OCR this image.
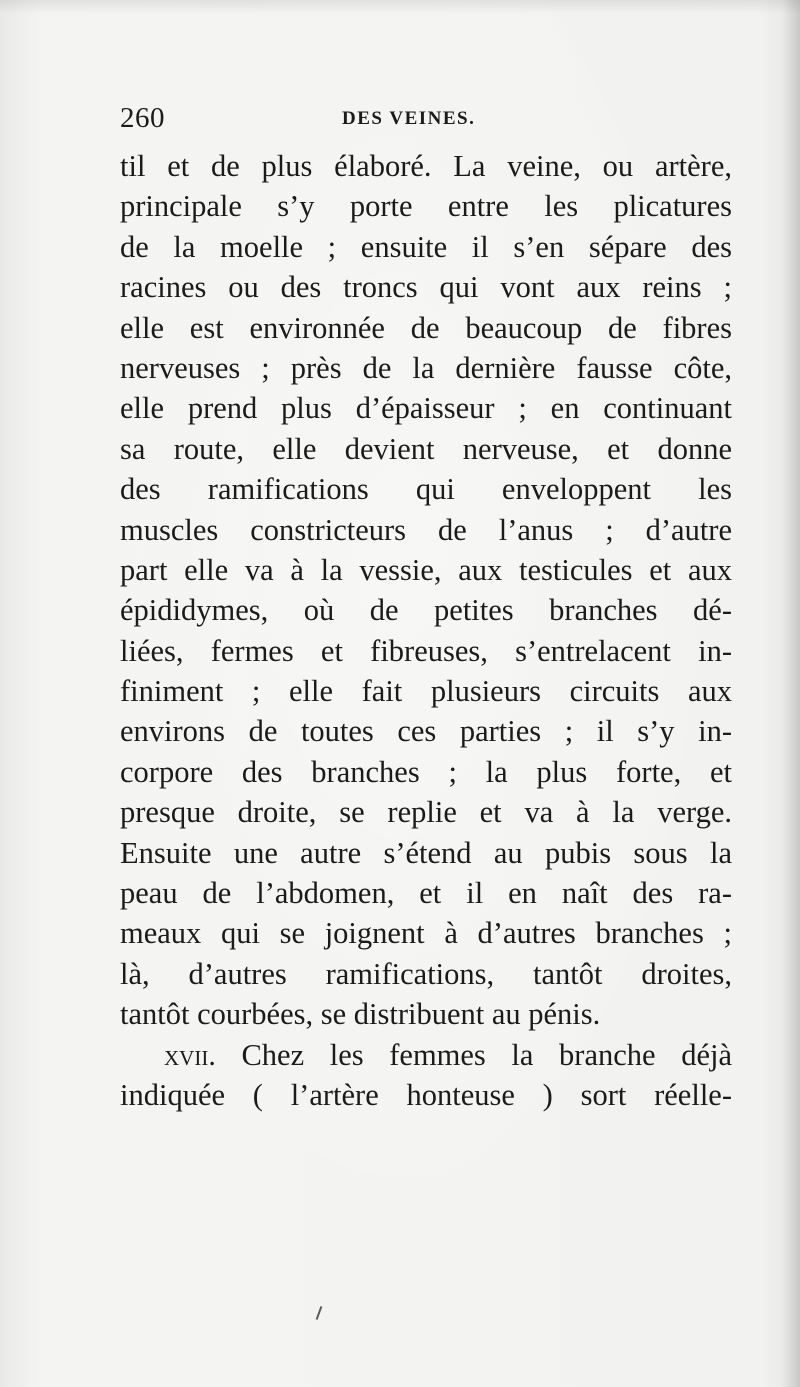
260	DES VEINES.
til et de plus élaboré. La veine, ou artère,
principale s’y porte entre les plicatures
de la moelle ; ensuite il s’en sépare des
racines ou des troncs qui vont aux reins ;
elle est environnée de beaucoup de fibres
nerveuses ; près de la dernière fausse côte,
elle prend plus d’épaisseur ; en continuant
sa route, elle devient nerveuse, et donne
des ramifications qui enveloppent les
muscles constricteurs de l’anus ; d’autre
part elle va à la vessie, aux testicules et aux
épididymes, où de petites branches dé-
liées, fermes et fibreuses, s’entrelacent in-
finiment ; elle fait plusieurs circuits aux
environs de toutes ces parties ; il s’y in-
corpore des branches ; la plus forte, et
presque droite, se replie et va à la verge.
Ensuite une autre s’étend au pubis sous la
peau de l’abdomen, et il en naît des ra-
meaux qui se joignent à d’autres branches ;
là, d’autres ramifications, tantôt droites,
tantôt courbées, se distribuent au pénis.
xvii. Chez les femmes la branche déjà
indiquée ( l’artère honteuse ) sort réelle-
